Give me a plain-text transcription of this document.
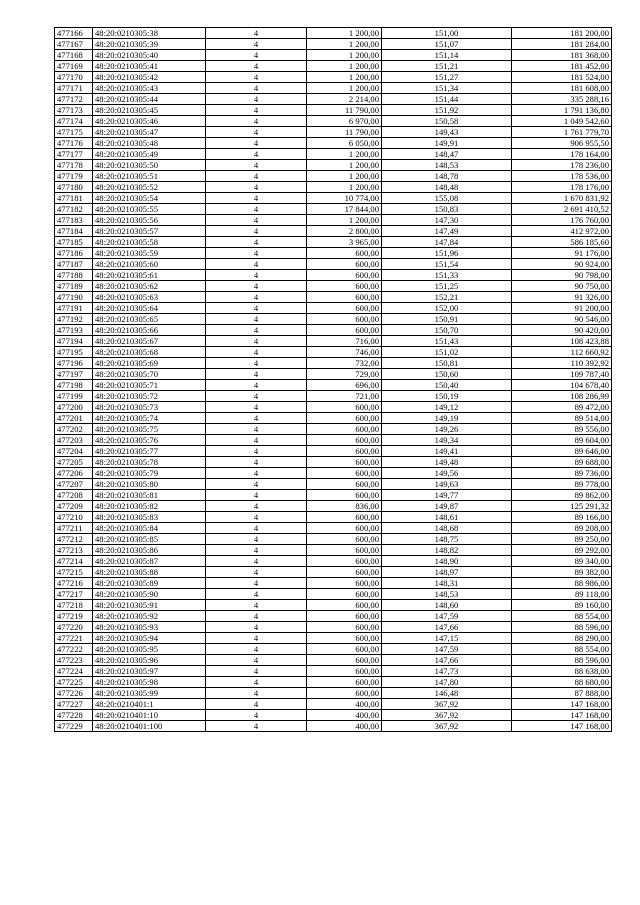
477166	48:20:0210305:38	4	1 200,00	151,00	181 200,00
477167	48:20:0210305:39	4	1 200,00	151,07	181 284,00
477168	48:20:0210305:40	4	1 200,00	151,14	181 368,00
477169	48:20:0210305:41	4	1 200,00	151,21	181 452,00
477170	48:20:0210305:42	4	1 200,00	151,27	181 524,00
477171	48:20:0210305:43	4	1 200,00	151,34	181 608,00
477172	48:20:0210305:44	4	2 214,00	151,44	335 288,16
477173	48:20:0210305:45	4	11 790,00	151,92	1 791 136,80
477174	48:20:0210305:46	4	6 970,00	150,58	1 049 542,60
477175	48:20:0210305:47	4	11 790,00	149,43	1 761 779,70
477176	48:20:0210305:48	4	6 050,00	149,91	906 955,50
477177	48:20:0210305:49	4	1 200,00	148,47	178 164,00
477178	48:20:0210305:50	4	1 200,00	148,53	178 236,00
477179	48:20:0210305:51	4	1 200,00	148,78	178 536,00
477180	48:20:0210305:52	4	1 200,00	148,48	178 176,00
477181	48:20:0210305:54	4	10 774,00	155,08	1 670 831,92
477182	48:20:0210305:55	4	17 844,00	150,83	2 691 410,52
477183	48:20:0210305:56	4	1 200,00	147,30	176 760,00
477184	48:20:0210305:57	4	2 800,00	147,49	412 972,00
477185	48:20:0210305:58	4	3 965,00	147,84	586 185,60
477186	48:20:0210305:59	4	600,00	151,96	91 176,00
477187	48:20:0210305:60	4	600,00	151,54	90 924,00
477188	48:20:0210305:61	4	600,00	151,33	90 798,00
477189	48:20:0210305:62	4	600,00	151,25	90 750,00
477190	48:20:0210305:63	4	600,00	152,21	91 326,00
477191	48:20:0210305:64	4	600,00	152,00	91 200,00
477192	48:20:0210305:65	4	600,00	150,91	90 546,00
477193	48:20:0210305:66	4	600,00	150,70	90 420,00
477194	48:20:0210305:67	4	716,00	151,43	108 423,88
477195	48:20:0210305:68	4	746,00	151,02	112 660,92
477196	48:20:0210305:69	4	732,00	150,81	110 392,92
477197	48:20:0210305:70	4	729,00	150,60	109 787,40
477198	48:20:0210305:71	4	696,00	150,40	104 678,40
477199	48:20:0210305:72	4	721,00	150,19	108 286,99
477200	48:20:0210305:73	4	600,00	149,12	89 472,00
477201	48:20:0210305:74	4	600,00	149,19	89 514,00
477202	48:20:0210305:75	4	600,00	149,26	89 556,00
477203	48:20:0210305:76	4	600,00	149,34	89 604,00
477204	48:20:0210305:77	4	600,00	149,41	89 646,00
477205	48:20:0210305:78	4	600,00	149,48	89 688,00
477206	48:20:0210305:79	4	600,00	149,56	89 736,00
477207	48:20:0210305:80	4	600,00	149,63	89 778,00
477208	48:20:0210305:81	4	600,00	149,77	89 862,00
477209	48:20:0210305:82	4	836,00	149,87	125 291,32
477210	48:20:0210305:83	4	600,00	148,61	89 166,00
477211	48:20:0210305:84	4	600,00	148,68	89 208,00
477212	48:20:0210305:85	4	600,00	148,75	89 250,00
477213	48:20:0210305:86	4	600,00	148,82	89 292,00
477214	48:20:0210305:87	4	600,00	148,90	89 340,00
477215	48:20:0210305:88	4	600,00	148,97	89 382,00
477216	48:20:0210305:89	4	600,00	148,31	88 986,00
477217	48:20:0210305:90	4	600,00	148,53	89 118,00
477218	48:20:0210305:91	4	600,00	148,60	89 160,00
477219	48:20:0210305:92	4	600,00	147,59	88 554,00
477220	48:20:0210305:93	4	600,00	147,66	88 596,00
477221	48:20:0210305:94	4	600,00	147,15	88 290,00
477222	48:20:0210305:95	4	600,00	147,59	88 554,00
477223	48:20:0210305:96	4	600,00	147,66	88 596,00
477224	48:20:0210305:97	4	600,00	147,73	88 638,00
477225	48:20:0210305:98	4	600,00	147,80	88 680,00
477226	48:20:0210305:99	4	600,00	146,48	87 888,00
477227	48:20:0210401:1	4	400,00	367,92	147 168,00
477228	48:20:0210401:10	4	400,00	367,92	147 168,00
477229	48:20:0210401:100	4	400,00	367,92	147 168,00
